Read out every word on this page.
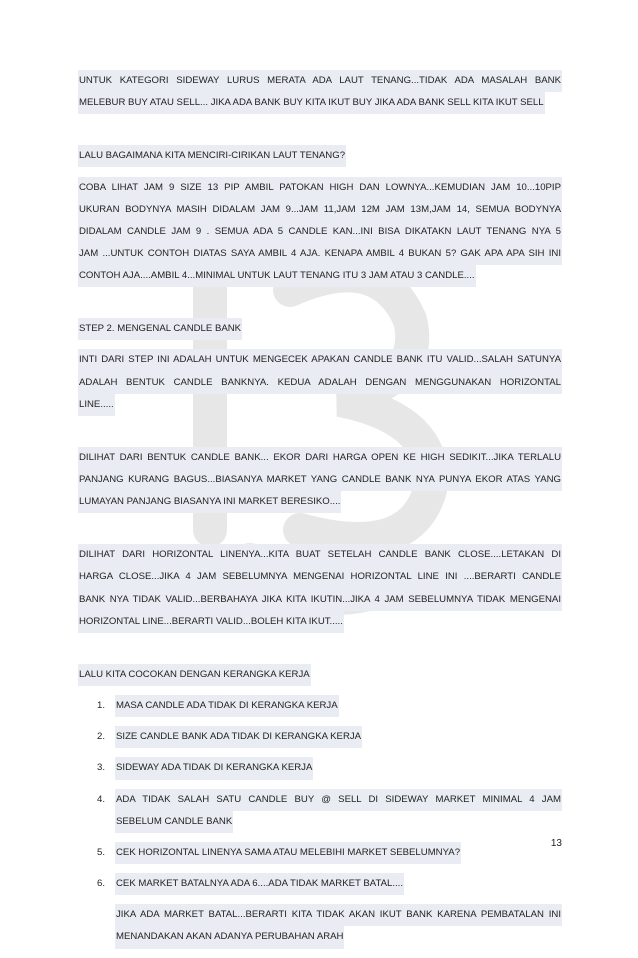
UNTUK KATEGORI SIDEWAY LURUS MERATA ADA LAUT TENANG...TIDAK ADA MASALAH BANK
MELEBUR BUY ATAU SELL... JIKA ADA BANK BUY KITA IKUT BUY JIKA ADA BANK SELL KITA IKUT SELL
LALU BAGAIMANA KITA MENCIRI-CIRIKAN LAUT TENANG?
COBA LIHAT JAM 9 SIZE 13 PIP AMBIL PATOKAN HIGH DAN LOWNYA...KEMUDIAN JAM 10...10PIP
UKURAN BODYNYA MASIH DIDALAM JAM 9...JAM 11,JAM 12M JAM 13M,JAM 14, SEMUA BODYNYA
DIDALAM CANDLE JAM 9 . SEMUA ADA 5 CANDLE KAN...INI BISA DIKATAKN LAUT TENANG NYA 5
JAM ...UNTUK CONTOH DIATAS SAYA AMBIL 4 AJA. KENAPA AMBIL 4 BUKAN 5? GAK APA APA SIH INI
CONTOH AJA....AMBIL 4...MINIMAL UNTUK LAUT TENANG ITU 3 JAM ATAU 3 CANDLE....
STEP 2. MENGENAL CANDLE BANK
INTI DARI STEP INI ADALAH UNTUK MENGECEK APAKAN CANDLE BANK ITU VALID...SALAH SATUNYA
ADALAH BENTUK CANDLE BANKNYA. KEDUA ADALAH DENGAN MENGGUNAKAN HORIZONTAL
LINE.....
DILIHAT DARI BENTUK CANDLE BANK... EKOR DARI HARGA OPEN KE HIGH SEDIKIT...JIKA TERLALU
PANJANG KURANG BAGUS...BIASANYA MARKET YANG CANDLE BANK NYA PUNYA EKOR ATAS YANG
LUMAYAN PANJANG BIASANYA INI MARKET BERESIKO....
DILIHAT DARI HORIZONTAL LINENYA...KITA BUAT SETELAH CANDLE BANK CLOSE....LETAKAN DI
HARGA CLOSE...JIKA 4 JAM SEBELUMNYA MENGENAI HORIZONTAL LINE INI ....BERARTI CANDLE
BANK NYA TIDAK VALID...BERBAHAYA JIKA KITA IKUTIN...JIKA 4 JAM SEBELUMNYA TIDAK MENGENAI
HORIZONTAL LINE...BERARTI VALID...BOLEH KITA IKUT.....
LALU KITA COCOKAN DENGAN KERANGKA KERJA
1. MASA CANDLE ADA TIDAK DI KERANGKA KERJA
2. SIZE CANDLE BANK ADA TIDAK DI KERANGKA KERJA
3. SIDEWAY ADA TIDAK DI KERANGKA KERJA
4. ADA TIDAK SALAH SATU CANDLE BUY @ SELL DI SIDEWAY MARKET MINIMAL 4 JAM
SEBELUM CANDLE BANK
5. CEK HORIZONTAL LINENYA SAMA ATAU MELEBIHI MARKET SEBELUMNYA?
6. CEK MARKET BATALNYA ADA 6....ADA TIDAK MARKET BATAL....
JIKA ADA MARKET BATAL...BERARTI KITA TIDAK AKAN IKUT BANK KARENA PEMBATALAN INI
MENANDAKAN AKAN ADANYA PERUBAHAN ARAH
13
